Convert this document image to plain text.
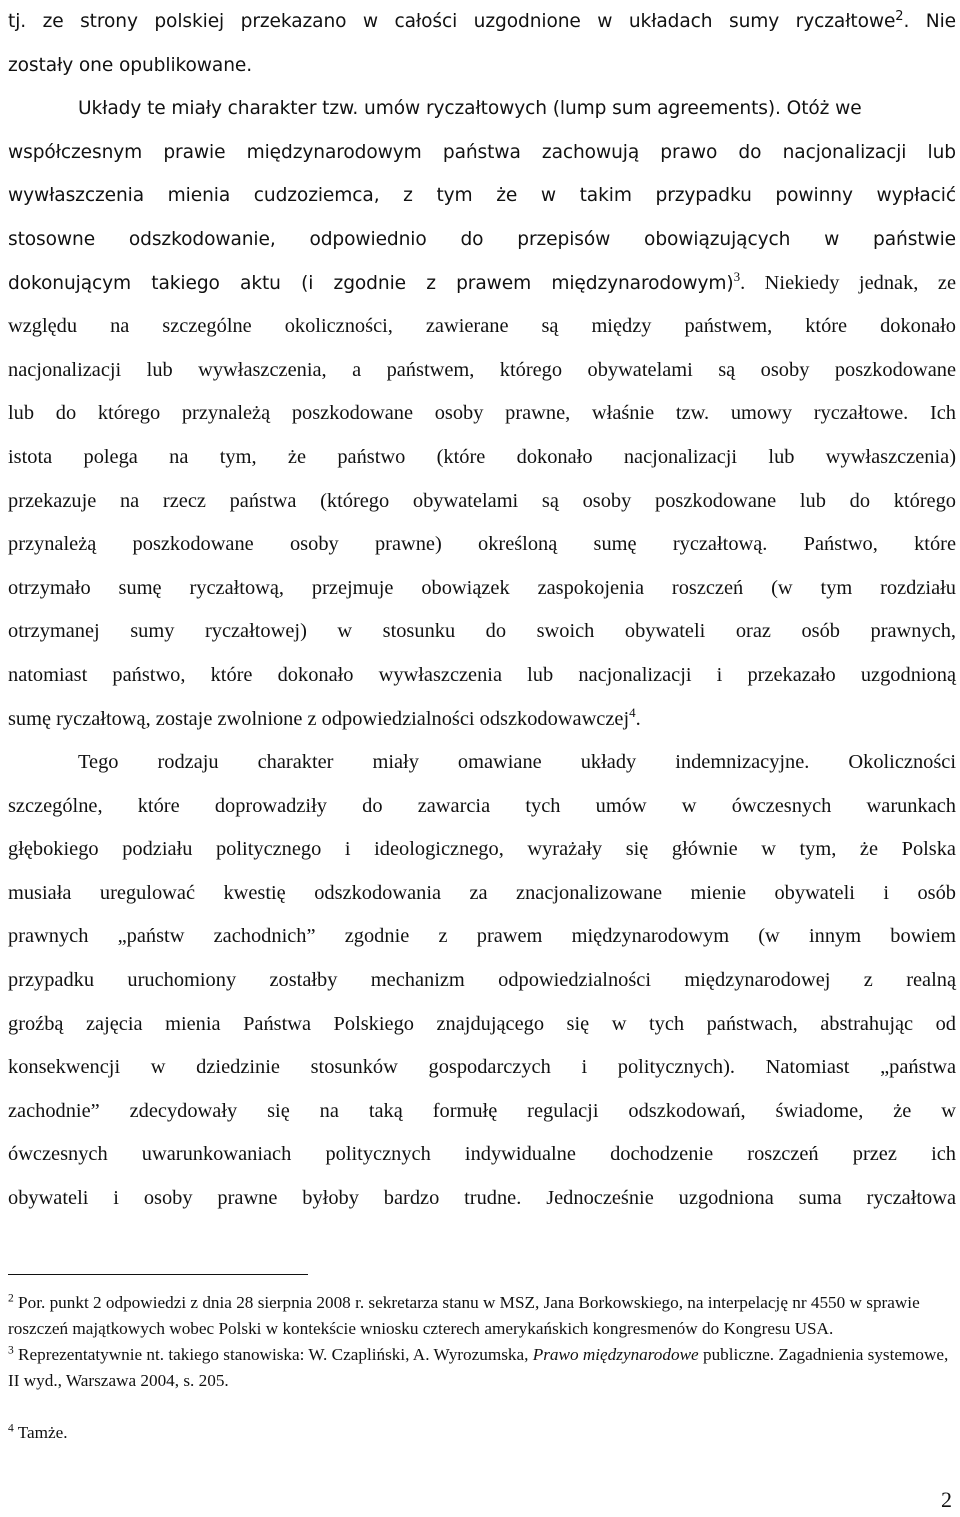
tj. ze strony polskiej przekazano w całości uzgodnione w układach sumy ryczałtowe$^2$. Nie
zostały one opublikowane.
Układy te miały charakter tzw. umów ryczałtowych (lump sum agreements). Otóż we
współczesnym prawie międzynarodowym państwa zachowują prawo do nacjonalizacji lub
wywłaszczenia mienia cudzoziemca, z tym że w takim przypadku powinny wypłacić
stosowne odszkodowanie, odpowiednio do przepisów obowiązujących w państwie
dokonującym takiego aktu (i zgodnie z prawem międzynarodowym)$^3$. Niekiedy jednak, ze
względu na szczególne okoliczności, zawierane są między państwem, które dokonało
nacjonalizacji lub wywłaszczenia, a państwem, którego obywatelami są osoby poszkodowane
lub do którego przynależą poszkodowane osoby prawne, właśnie tzw. umowy ryczałtowe. Ich
istota polega na tym, że państwo (które dokonało nacjonalizacji lub wywłaszczenia)
przekazuje na rzecz państwa (którego obywatelami są osoby poszkodowane lub do którego
przynależą poszkodowane osoby prawne) określoną sumę ryczałtową. Państwo, które
otrzymało sumę ryczałtową, przejmuje obowiązek zaspokojenia roszczeń (w tym rozdziału
otrzymanej sumy ryczałtowej) w stosunku do swoich obywateli oraz osób prawnych,
natomiast państwo, które dokonało wywłaszczenia lub nacjonalizacji i przekazało uzgodnioną
sumę ryczałtową, zostaje zwolnione z odpowiedzialności odszkodowawczej$^4$.
Tego rodzaju charakter miały omawiane układy indemnizacyjne. Okoliczności
szczególne, które doprowadziły do zawarcia tych umów w ówczesnych warunkach
głębokiego podziału politycznego i ideologicznego, wyrażały się głównie w tym, że Polska
musiała uregulować kwestię odszkodowania za znacjonalizowane mienie obywateli i osób
prawnych „państw zachodnich” zgodnie z prawem międzynarodowym (w innym bowiem
przypadku uruchomiony zostałby mechanizm odpowiedzialności międzynarodowej z realną
groźbą zajęcia mienia Państwa Polskiego znajdującego się w tych państwach, abstrahując od
konsekwencji w dziedzinie stosunków gospodarczych i politycznych). Natomiast „państwa
zachodnie” zdecydowały się na taką formułę regulacji odszkodowań, świadome, że w
ówczesnych uwarunkowaniach politycznych indywidualne dochodzenie roszczeń przez ich
obywateli i osoby prawne byłoby bardzo trudne. Jednocześnie uzgodniona suma ryczałtowa

$^2$ Por. punkt 2 odpowiedzi z dnia 28 sierpnia 2008 r. sekretarza stanu w MSZ, Jana Borkowskiego, na interpelację nr 4550 w sprawie roszczeń majątkowych wobec Polski w kontekście wniosku czterech amerykańskich kongresmenów do Kongresu USA.

$^3$ Reprezentatywnie nt. takiego stanowiska: W. Czapliński, A. Wyrozumska, Prawo międzynarodowe publiczne. Zagadnienia systemowe, II wyd., Warszawa 2004, s. 205.

$^4$ Tamże.

2
